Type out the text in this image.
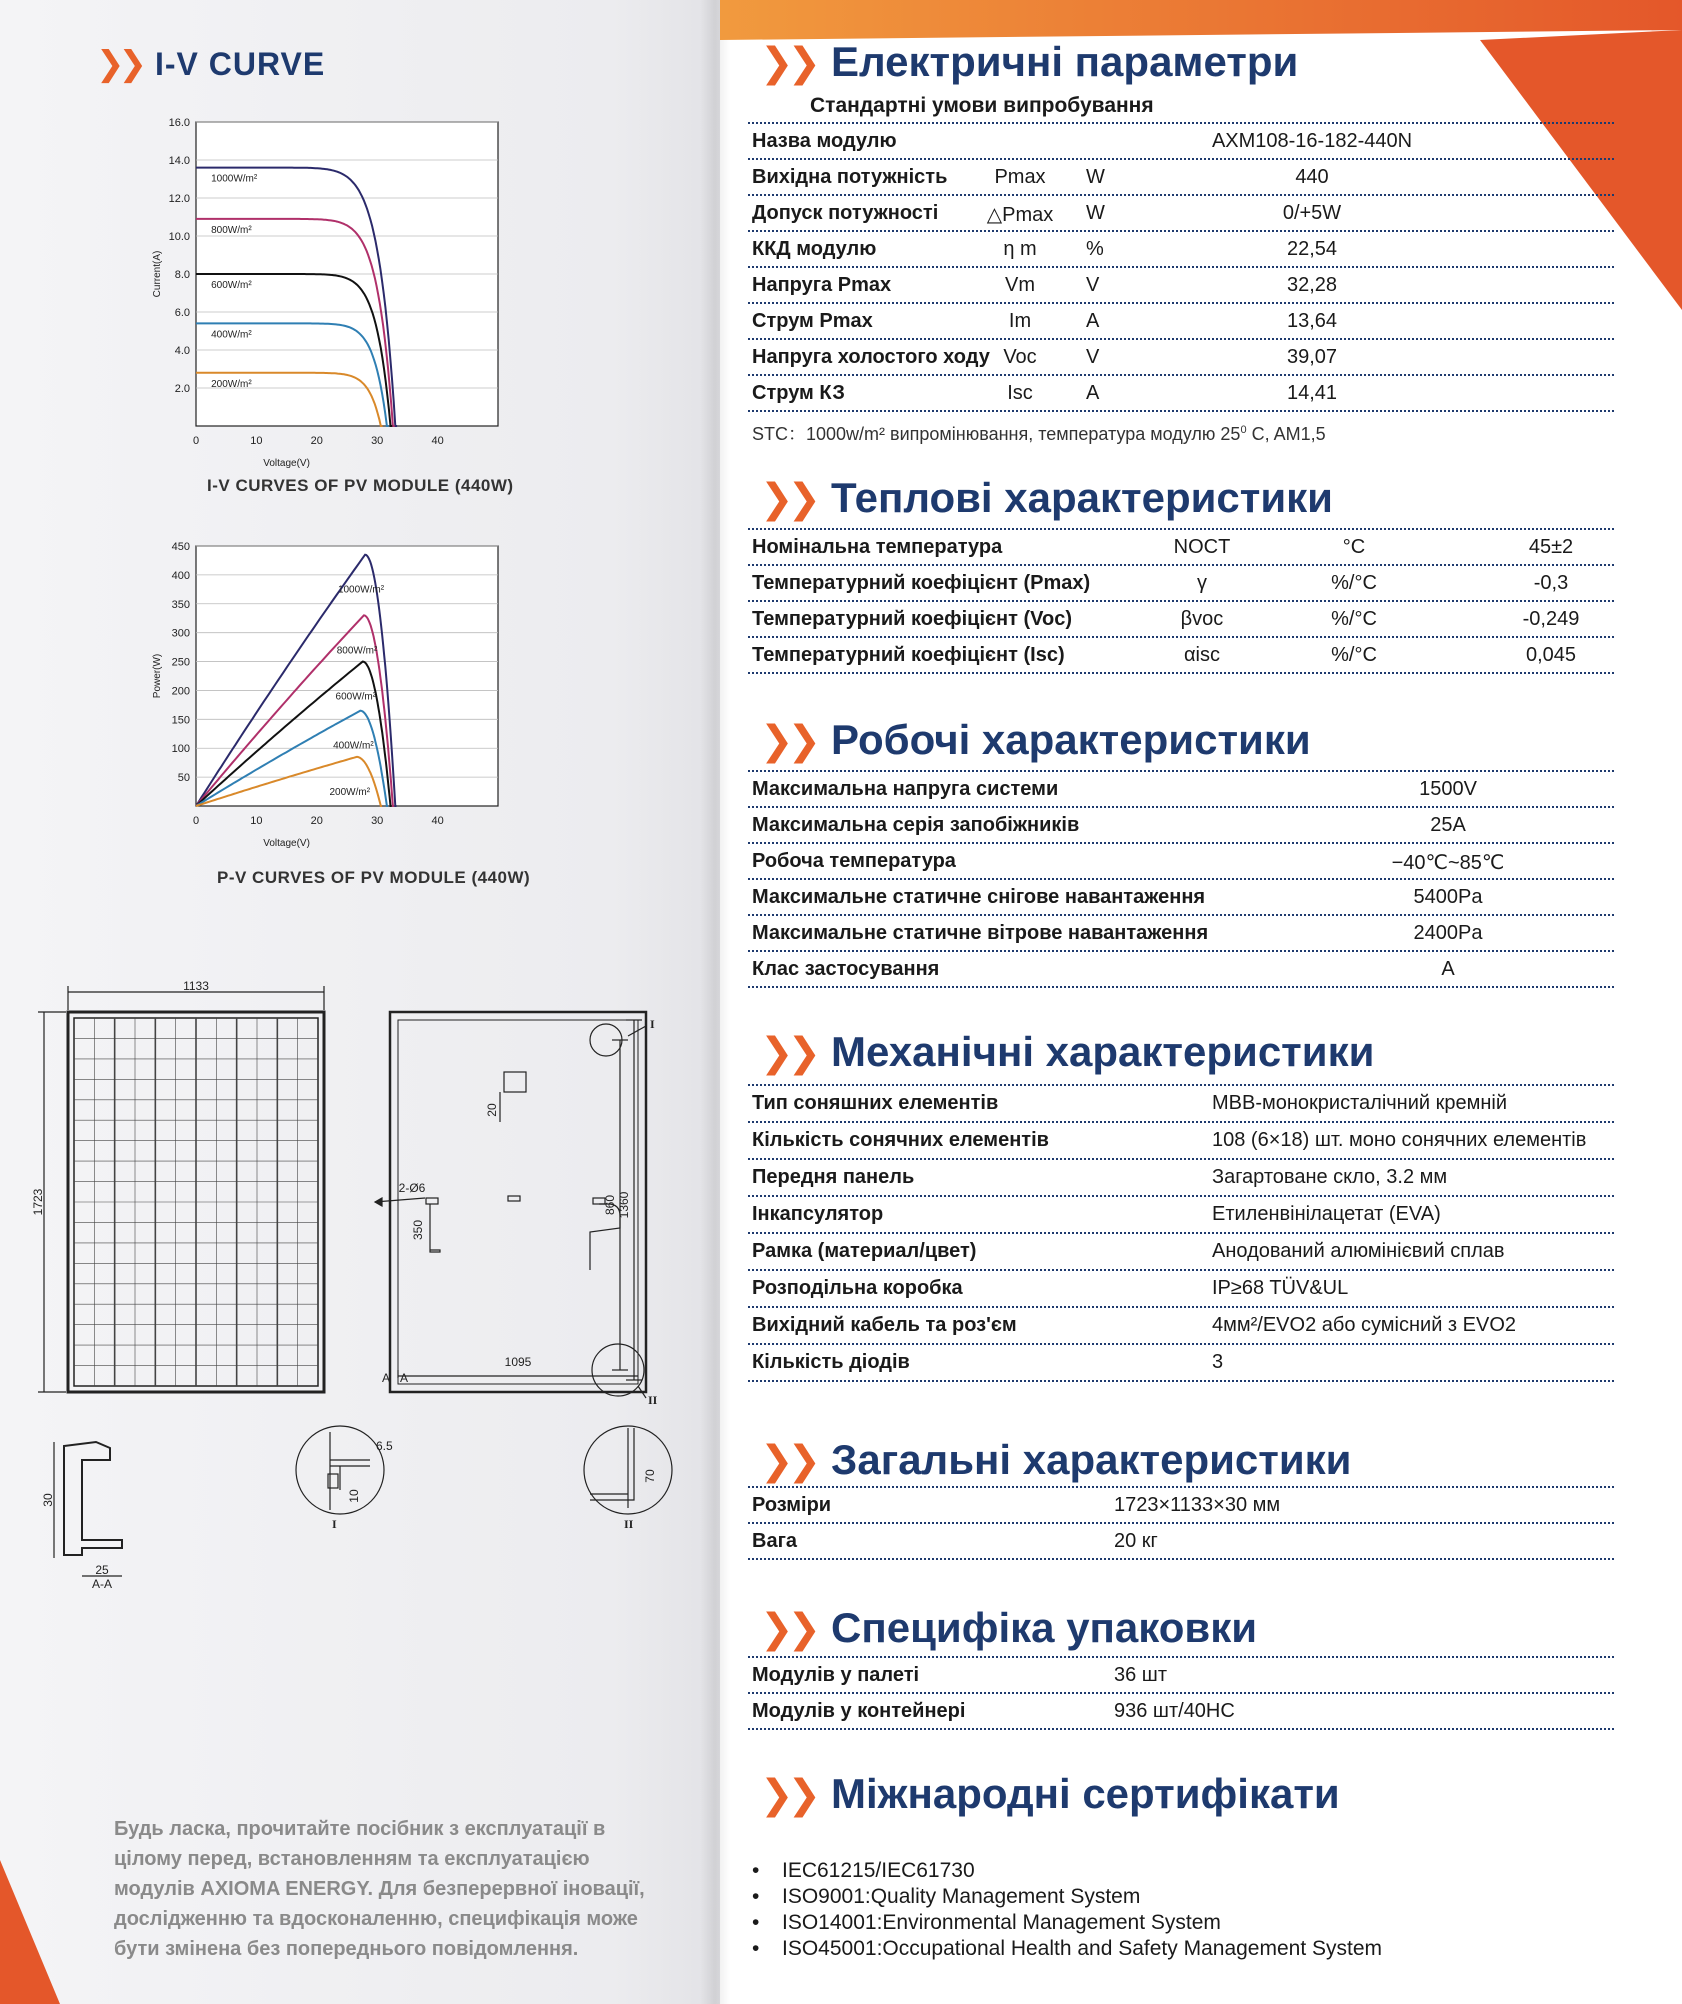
❯❯ I-V CURVE
2.0
4.0
6.0
8.0
10.0
12.0
14.0
16.0
0	10	20	30	40
Voltage(V)
Current(A)
1000W/m²
800W/m²
600W/m²
400W/m²
200W/m²
I-V CURVES OF PV MODULE (440W)
50
100
150
200
250
300
350
400
450
0	10	20	30	40
Voltage(V)
Power(W)
1000W/m²
800W/m²
600W/m²
400W/m²
200W/m²
P-V CURVES OF PV MODULE (440W)
1133
1723
1095
860 1360
20
350
2-Ø6
I
II
A A
30
25
A-A
6.5
10
70
I	II
Будь ласка, прочитайте посібник з експлуатації в цілому перед, встановленням та експлуатацією модулів AXIOMA ENERGY. Для безперервної іновації, дослідженню та вдосконаленню, специфікація може бути змінена без попереднього повідомлення.
❯❯ Електричні параметри
Стандартні умови випробування
Назва модулю	AXM108-16-182-440N
Вихідна потужність Pmax W	440
Допуск потужності △Pmax W	0/+5W
ККД модулю	η m %	22,54
Напруга Pmax	Vm	V	32,28
Струм Pmax	Im	A	13,64
Напруга холостого ходу Voc V	39,07
Струм КЗ	Isc	A	14,41
STC：1000w/m² випромінювання, температура модулю $25^0$ C, AM1,5
❯❯ Теплові характеристики
Номінальна температура	NOCT	°C	45±2
Температурний коефіцієнт (Pmax)	γ	%/°C	-0,3
Температурний коефіцієнт (Voc)	βvoc	%/°C	-0,249
Температурний коефіцієнт (Isc)	αisc	%/°C	0,045
❯❯ Робочі характеристики
Максимальна напруга системи	1500V
Максимальна серія запобіжників	25A
Робоча температура	−40℃~85℃
Максимальне статичне снігове навантаження	5400Pa
Максимальне статичне вітрове навантаження	2400Pa
Клас застосування	A
❯❯ Механічні характеристики
Тип соняшних елементів	MBB-монокристалічний кремній
Кількість сонячних елементів	108 (6×18) шт. моно сонячних елементів
Передня панель	Загартоване скло, 3.2 мм
Інкапсулятор	Етиленвінілацетат (EVA)
Рамка (материал/цвет)	Анодований алюмінієвий сплав
Розподільна коробка	IP≥68 TÜV&UL
Вихідний кабель та роз'єм	4мм²/EVO2 або сумісний з EVO2
Кількість діодів	3
❯❯ Загальні характеристики
Розміри	1723×1133×30 мм
Вага	20 кг
❯❯ Специфіка упаковки
Модулів у палеті	36 шт
Модулів у контейнері	936 шт/40HC
❯❯ Міжнародні сертифікати
• IEC61215/IEC61730
• ISO9001:Quality Management System
• ISO14001:Environmental Management System
• ISO45001:Occupational Health and Safety Management System
